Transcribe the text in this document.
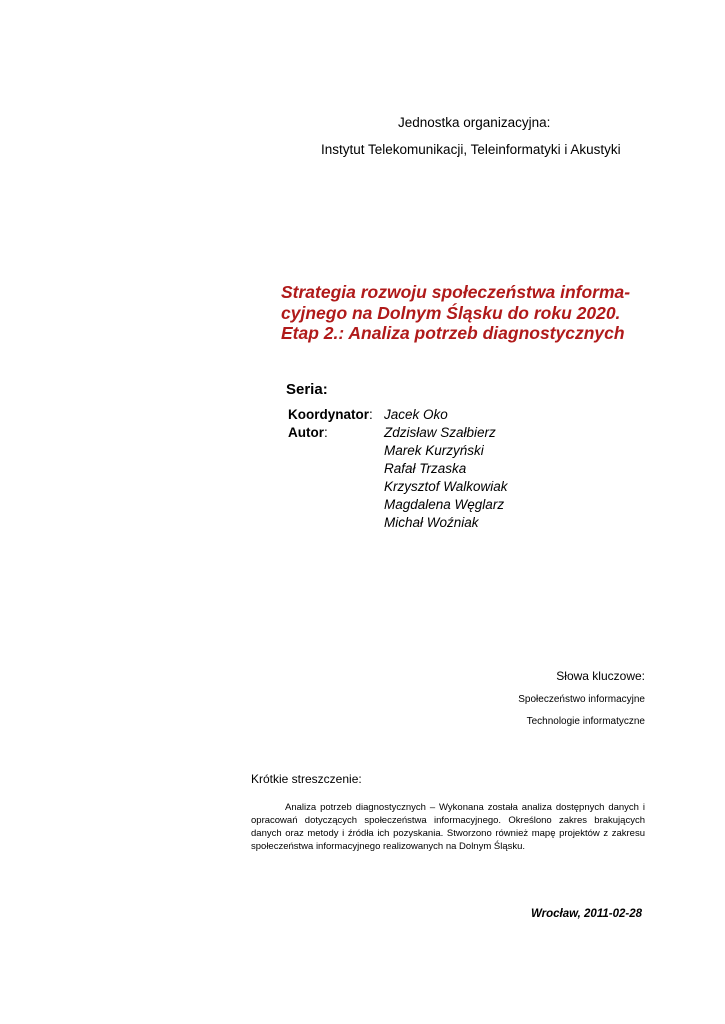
Jednostka organizacyjna:
Instytut Telekomunikacji, Teleinformatyki i Akustyki
Strategia rozwoju społeczeństwa informa-
cyjnego na Dolnym Śląsku do roku 2020.
Etap 2.: Analiza potrzeb diagnostycznych
Seria:
Koordynator: Jacek Oko
Autor:	Zdzisław Szałbierz
Marek Kurzyński
Rafał Trzaska
Krzysztof Walkowiak
Magdalena Węglarz
Michał Woźniak
Słowa kluczowe:
Społeczeństwo informacyjne
Technologie informatyczne
Krótkie streszczenie:

Analiza potrzeb diagnostycznych – Wykonana została analiza dostępnych danych i opracowań dotyczących społeczeństwa informacyjnego. Określono zakres brakujących danych oraz metody i źródła ich pozyskania. Stworzono również mapę projektów z zakresu społeczeństwa informacyjnego realizowanych na Dolnym Śląsku.

Wrocław, 2011-02-28
